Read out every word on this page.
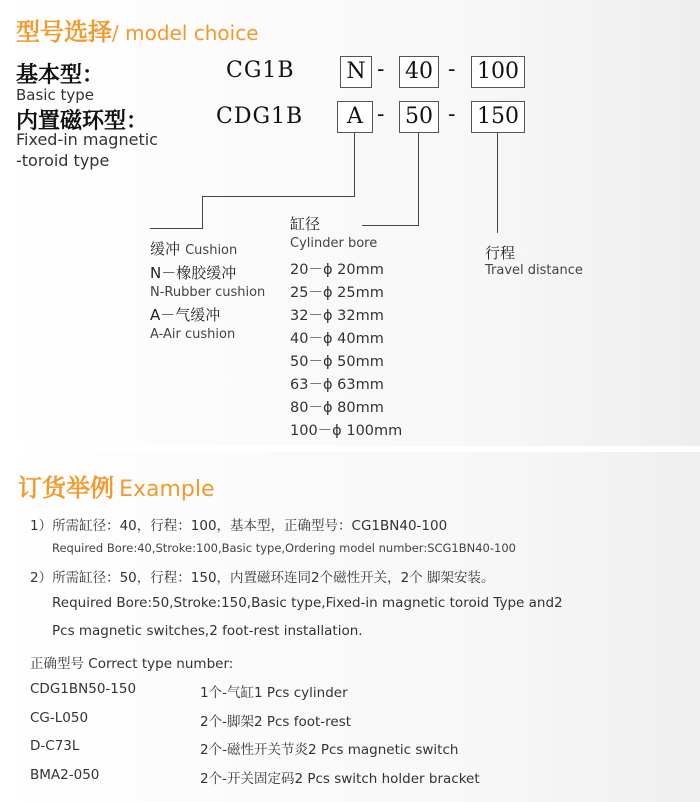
型号选择/ model choice
基本型：
Basic type
CG1B N - 40 - 100
内置磁环型：
Fixed-in magnetic
-toroid type
CDG1B	A - 50 - 150
缓冲 Cushion
N－橡胶缓冲
N-Rubber cushion
A－气缓冲
A-Air cushion
缸径
Cylinder bore
20－ϕ 20mm
25－ϕ 25mm
32－ϕ 32mm
40－ϕ 40mm
50－ϕ 50mm
63－ϕ 63mm
80－ϕ 80mm
100－ϕ 100mm
行程
Travel distance
订货举例 Example
1）所需缸径：40，行程：100，基本型，正确型号：CG1BN40-100
Required Bore:40,Stroke:100,Basic type,Ordering model number:SCG1BN40-100
2）所需缸径：50，行程：150，内置磁环连同2个磁性开关，2个 脚架安装。
Required Bore:50,Stroke:150,Basic type,Fixed-in magnetic toroid Type and2
Pcs magnetic switches,2 foot-rest installation.
正确型号 Correct type number:
CDG1BN50-150	1个-气缸1 Pcs cylinder
CG-L050	2个-脚架2 Pcs foot-rest
D-C73L	2个-磁性开关节炎2 Pcs magnetic switch
BMA2-050	2个-开关固定码2 Pcs switch holder bracket
